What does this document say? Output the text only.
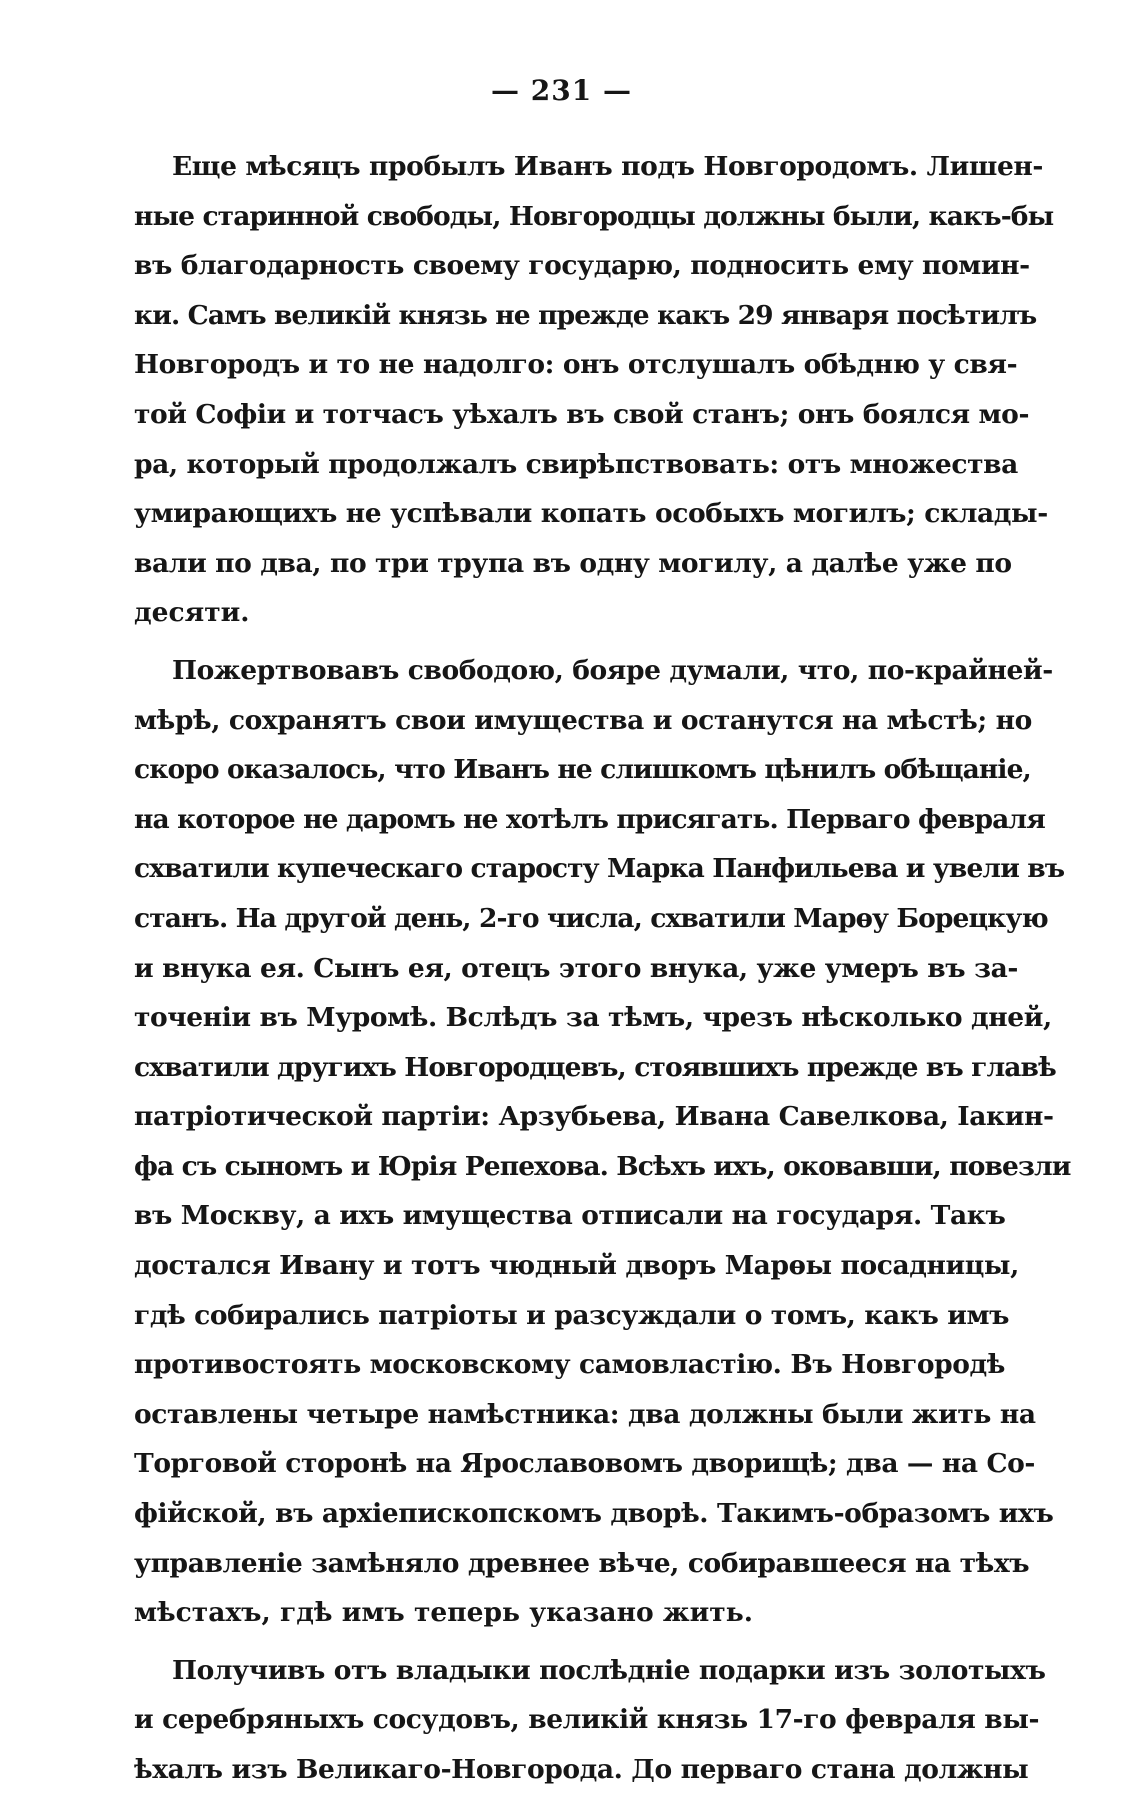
— 231 —

Еще мѣсяцъ пробылъ Иванъ подъ Новгородомъ. Лишен-
ные старинной свободы, Новгородцы должны были, какъ-бы
въ благодарность своему государю, подносить ему помин-
ки. Самъ великій князь не прежде какъ 29 января посѣтилъ
Новгородъ и то не надолго: онъ отслушалъ обѣдню у свя-
той Софіи и тотчасъ уѣхалъ въ свой станъ; онъ боялся мо-
ра, который продолжалъ свирѣпствовать: отъ множества
умирающихъ не успѣвали копать особыхъ могилъ; склады-
вали по два, по три трупа въ одну могилу, а далѣе уже по
десяти.

Пожертвовавъ свободою, бояре думали, что, по-крайней-
мѣрѣ, сохранятъ свои имущества и останутся на мѣстѣ; но
скоро оказалось, что Иванъ не слишкомъ цѣнилъ обѣщаніе,
на которое не даромъ не хотѣлъ присягать. Перваго февраля
схватили купеческаго старосту Марка Панфильева и увели въ
станъ. На другой день, 2-го числа, схватили Марѳу Борецкую
и внука ея. Сынъ ея, отецъ этого внука, уже умеръ въ за-
точеніи въ Муромѣ. Вслѣдъ за тѣмъ, чрезъ нѣсколько дней,
схватили другихъ Новгородцевъ, стоявшихъ прежде въ главѣ
патріотической партіи: Арзубьева, Ивана Савелкова, Іакин-
фа съ сыномъ и Юрія Репехова. Всѣхъ ихъ, оковавши, повезли
въ Москву, а ихъ имущества отписали на государя. Такъ
достался Ивану и тотъ чюдный дворъ Марѳы посадницы,
гдѣ собирались патріоты и разсуждали о томъ, какъ имъ
противостоять московскому самовластію. Въ Новгородѣ
оставлены четыре намѣстника: два должны были жить на
Торговой сторонѣ на Ярославовомъ дворищѣ; два — на Со-
фійской, въ архіепископскомъ дворѣ. Такимъ-образомъ ихъ
управленіе замѣняло древнее вѣче, собиравшееся на тѣхъ
мѣстахъ, гдѣ имъ теперь указано жить.

Получивъ отъ владыки послѣдніе подарки изъ золотыхъ
и серебряныхъ сосудовъ, великій князь 17-го февраля вы-
ѣхалъ изъ Великаго-Новгорода. До перваго стана должны
